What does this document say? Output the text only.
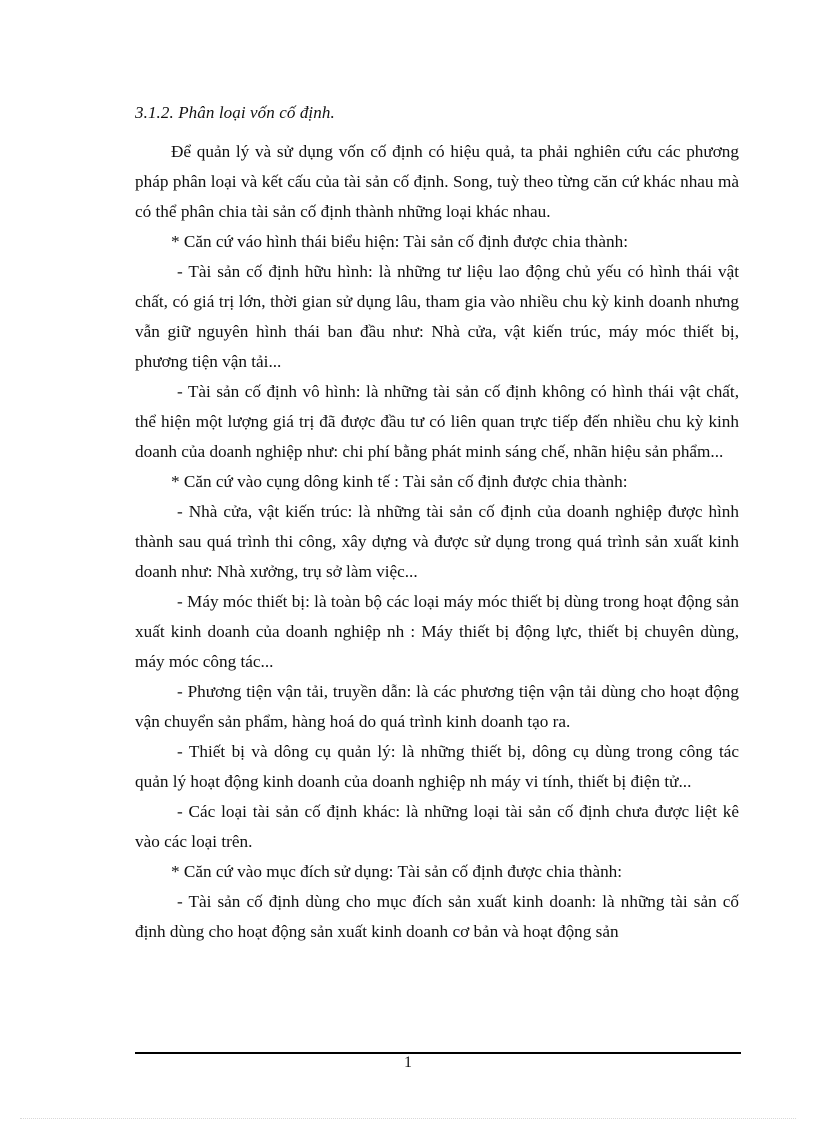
3.1.2. Phân loại vốn cố định.

Để quản lý và sử dụng vốn cố định có hiệu quả, ta phải nghiên cứu các phương pháp phân loại và kết cấu của tài sản cố định. Song, tuỳ theo từng căn cứ khác nhau mà có thể phân chia tài sản cố định thành những loại khác nhau.

* Căn cứ váo hình thái biểu hiện: Tài sản cố định được chia thành:

- Tài sản cố định hữu hình: là những tư liệu lao động chủ yếu có hình thái vật chất, có giá trị lớn, thời gian sử dụng lâu, tham gia vào nhiều chu kỳ kinh doanh nhưng vẫn giữ nguyên hình thái ban đầu như: Nhà cửa, vật kiến trúc, máy móc thiết bị, phương tiện vận tải...

- Tài sản cố định vô hình: là những tài sản cố định không có hình thái vật chất, thể hiện một lượng giá trị đã được đầu tư có liên quan trực tiếp đến nhiều chu kỳ kinh doanh của doanh nghiệp như: chi phí bằng phát minh sáng chế, nhãn hiệu sản phẩm...

* Căn cứ vào cụng dông kinh tế : Tài sản cố định được chia thành:

- Nhà cửa, vật kiến trúc: là những tài sản cố định của doanh nghiệp được hình thành sau quá trình thi công, xây dựng và được sử dụng trong quá trình sản xuất kinh doanh như: Nhà xưởng, trụ sở làm việc...

- Máy móc thiết bị: là toàn bộ các loại máy móc thiết bị dùng trong hoạt động sản xuất kinh doanh của doanh nghiệp nh : Máy thiết bị động lực, thiết bị chuyên dùng, máy móc công tác...

- Phương tiện vận tải, truyền dẫn: là các phương tiện vận tải dùng cho hoạt động vận chuyển sản phẩm, hàng hoá do quá trình kinh doanh tạo ra.

- Thiết bị và dông cụ quản lý: là những thiết bị, dông cụ dùng trong công tác quản lý hoạt động kinh doanh của doanh nghiệp nh máy vi tính, thiết bị điện tử...

- Các loại tài sản cố định khác: là những loại tài sản cố định chưa được liệt kê vào các loại trên.

* Căn cứ vào mục đích sử dụng: Tài sản cố định được chia thành:

- Tài sản cố định dùng cho mục đích sản xuất kinh doanh: là những tài sản cố định dùng cho hoạt động sản xuất kinh doanh cơ bản và hoạt động sản

1
